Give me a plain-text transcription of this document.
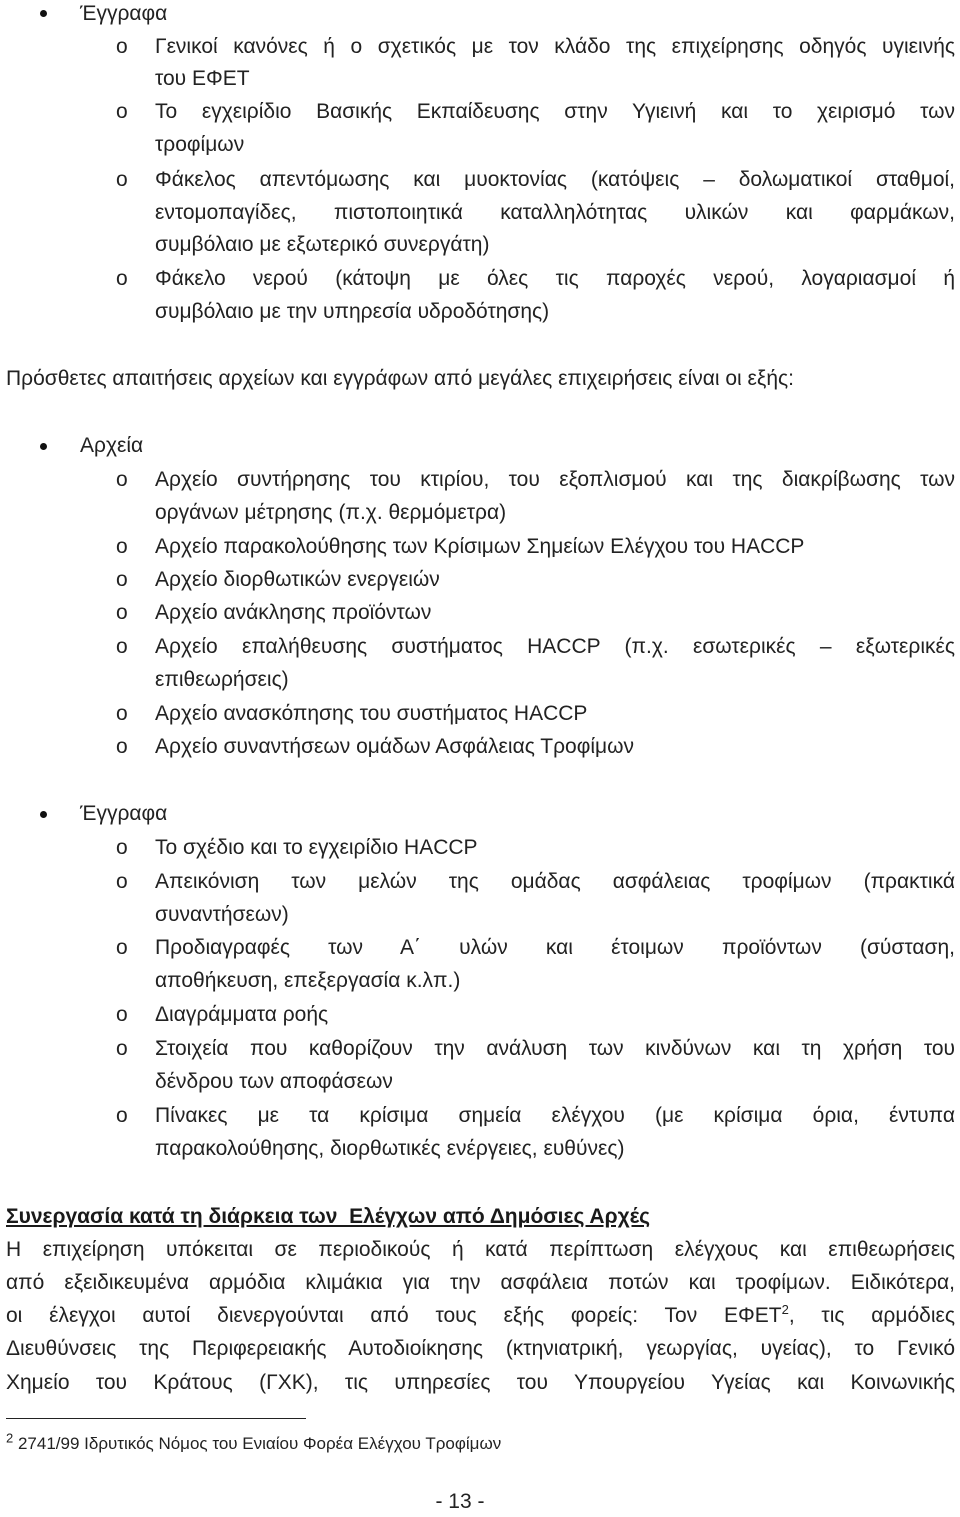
Έγγραφα
o Γενικοί κανόνες ή ο σχετικός με τον κλάδο της επιχείρησης οδηγός υγιεινής
του ΕΦΕΤ
o Το εγχειρίδιο Βασικής Εκπαίδευσης στην Υγιεινή και το χειρισμό των
τροφίμων
o Φάκελος απεντόμωσης και μυοκτονίας (κατόψεις – δολωματικοί σταθμοί,
εντομοπαγίδες, πιστοποιητικά καταλληλότητας υλικών και φαρμάκων,
συμβόλαιο με εξωτερικό συνεργάτη)
o Φάκελο νερού (κάτοψη με όλες τις παροχές νερού, λογαριασμοί ή
συμβόλαιο με την υπηρεσία υδροδότησης)
Πρόσθετες απαιτήσεις αρχείων και εγγράφων από μεγάλες επιχειρήσεις είναι οι εξής:
Αρχεία
o Αρχείο συντήρησης του κτιρίου, του εξοπλισμού και της διακρίβωσης των
οργάνων μέτρησης (π.χ. θερμόμετρα)
o Αρχείο παρακολούθησης των Κρίσιμων Σημείων Ελέγχου του HACCP
o Αρχείο διορθωτικών ενεργειών
o Αρχείο ανάκλησης προϊόντων
o Αρχείο επαλήθευσης συστήματος HACCP (π.χ. εσωτερικές – εξωτερικές
επιθεωρήσεις)
o Αρχείο ανασκόπησης του συστήματος HACCP
o Αρχείο συναντήσεων ομάδων Ασφάλειας Τροφίμων
Έγγραφα
o Το σχέδιο και το εγχειρίδιο HACCP
o Απεικόνιση των μελών της ομάδας ασφάλειας τροφίμων (πρακτικά
συναντήσεων)
o Προδιαγραφές των Α΄ υλών και έτοιμων προϊόντων (σύσταση,
αποθήκευση, επεξεργασία κ.λπ.)
o Διαγράμματα ροής
o Στοιχεία που καθορίζουν την ανάλυση των κινδύνων και τη χρήση του
δένδρου των αποφάσεων
o Πίνακες με τα κρίσιμα σημεία ελέγχου (με κρίσιμα όρια, έντυπα
παρακολούθησης, διορθωτικές ενέργειες, ευθύνες)
Συνεργασία κατά τη διάρκεια των  Ελέγχων από Δημόσιες Αρχές
Η επιχείρηση υπόκειται σε περιοδικούς ή κατά περίπτωση ελέγχους και επιθεωρήσεις
από εξειδικευμένα αρμόδια κλιμάκια για την ασφάλεια ποτών και τροφίμων. Ειδικότερα,
οι έλεγχοι αυτοί διενεργούνται από τους εξής φορείς: Τον ΕΦΕΤ$^2$, τις αρμόδιες
Διευθύνσεις της Περιφερειακής Αυτοδιοίκησης (κτηνιατρική, γεωργίας, υγείας), το Γενικό
Χημείο του Κράτους (ΓΧΚ), τις υπηρεσίες του Υπουργείου Υγείας και Κοινωνικής
$^2$ 2741/99 Ιδρυτικός Νόμος του Ενιαίου Φορέα Ελέγχου Τροφίμων
- 13 -
